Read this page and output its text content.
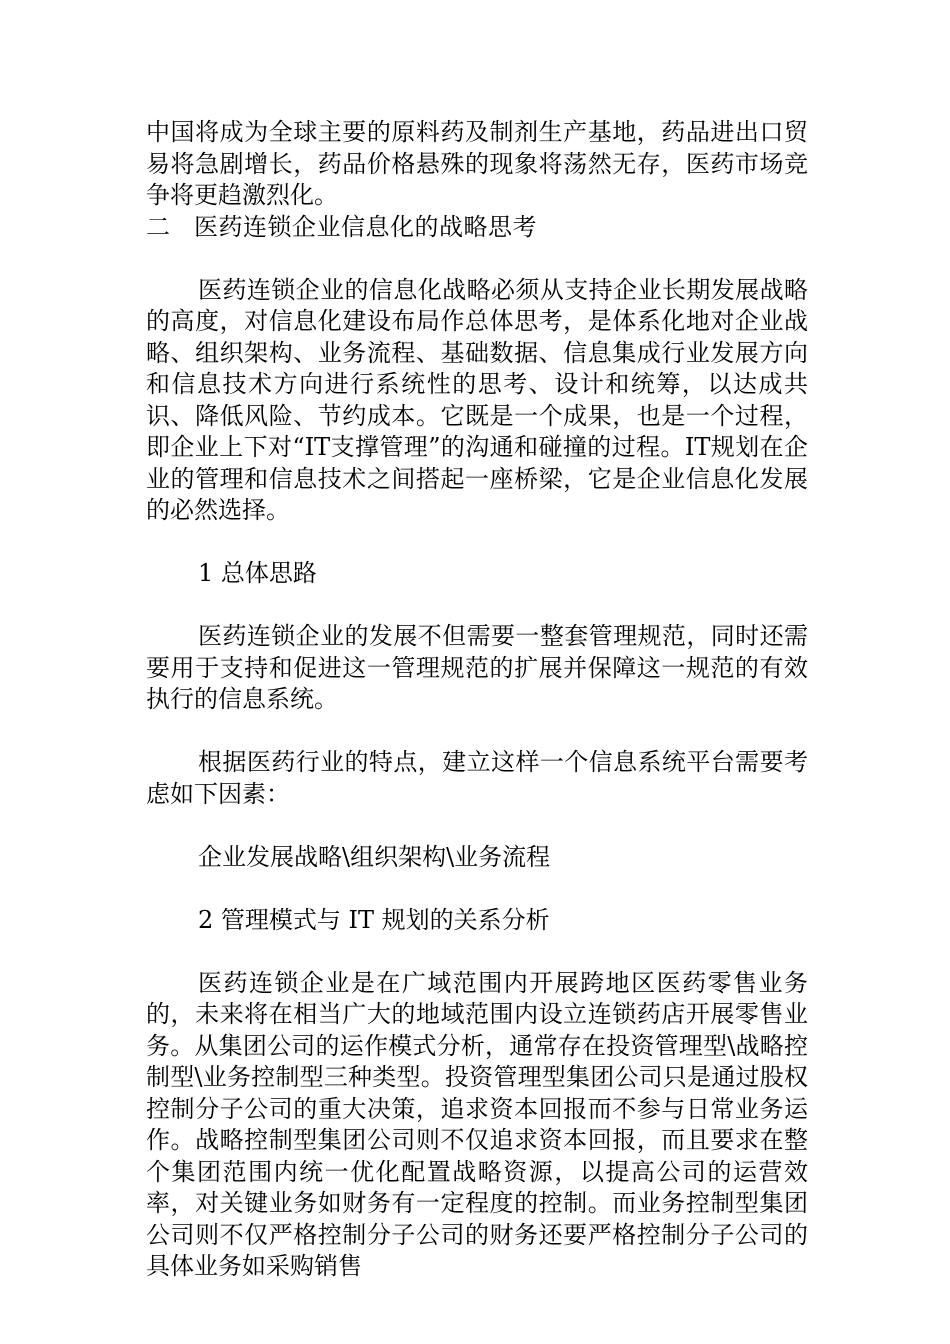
中国将成为全球主要的原料药及制剂生产基地，药品进出口贸易将急剧增长，药品价格悬殊的现象将荡然无存，医药市场竞争将更趋激烈化。

二 医药连锁企业信息化的战略思考

医药连锁企业的信息化战略必须从支持企业长期发展战略的高度，对信息化建设布局作总体思考，是体系化地对企业战略、组织架构、业务流程、基础数据、信息集成行业发展方向和信息技术方向进行系统性的思考、设计和统筹，以达成共识、降低风险、节约成本。它既是一个成果，也是一个过程，即企业上下对“IT支撑管理”的沟通和碰撞的过程。IT规划在企业的管理和信息技术之间搭起一座桥梁，它是企业信息化发展的必然选择。

1 总体思路

医药连锁企业的发展不但需要一整套管理规范，同时还需要用于支持和促进这一管理规范的扩展并保障这一规范的有效执行的信息系统。

根据医药行业的特点，建立这样一个信息系统平台需要考虑如下因素：

企业发展战略\组织架构\业务流程

2 管理模式与 IT 规划的关系分析

医药连锁企业是在广域范围内开展跨地区医药零售业务的，未来将在相当广大的地域范围内设立连锁药店开展零售业务。从集团公司的运作模式分析，通常存在投资管理型\战略控制型\业务控制型三种类型。投资管理型集团公司只是通过股权控制分子公司的重大决策，追求资本回报而不参与日常业务运作。战略控制型集团公司则不仅追求资本回报，而且要求在整个集团范围内统一优化配置战略资源，以提高公司的运营效率，对关键业务如财务有一定程度的控制。而业务控制型集团公司则不仅严格控制分子公司的财务还要严格控制分子公司的具体业务如采购销售
